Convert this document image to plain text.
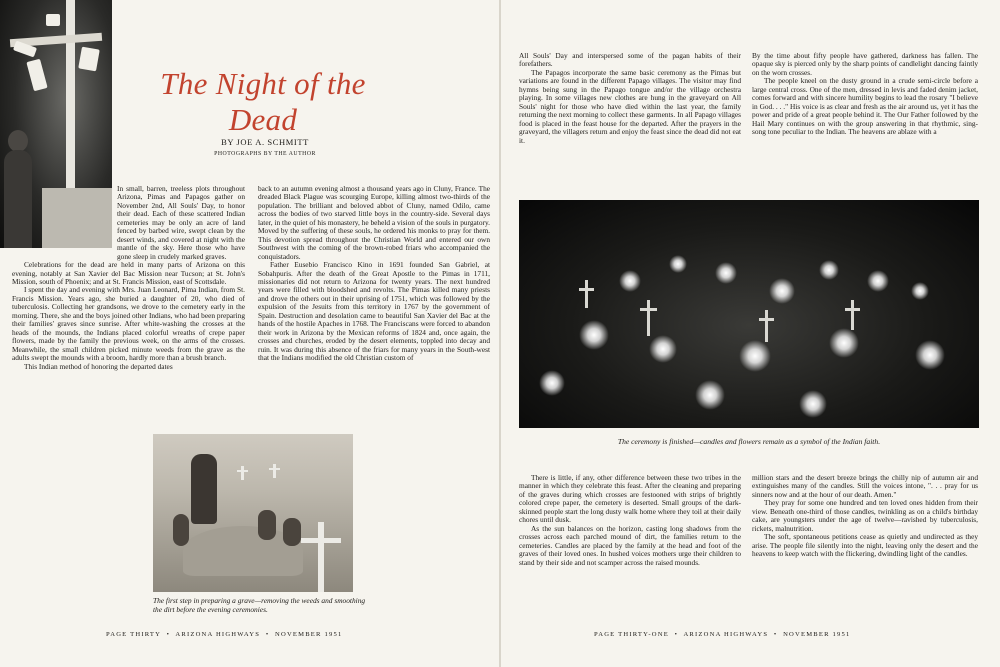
The Night of the Dead
BY JOE A. SCHMITT
PHOTOGRAPHS BY THE AUTHOR

In small, barren, treeless plots throughout Arizona, Pimas and Papagos gather on November 2nd, All Souls' Day, to honor their dead. Each of these scattered Indian cemeteries may be only an acre of land fenced by barbed wire, swept clean by the desert winds, and covered at night with the mantle of the sky. Here those who have gone sleep in crudely marked graves.

Celebrations for the dead are held in many parts of Arizona on this evening, notably at San Xavier del Bac Mission near Tucson; at St. John's Mission, south of Phoenix; and at St. Francis Mission, east of Scottsdale.

I spent the day and evening with Mrs. Juan Leonard, Pima Indian, from St. Francis Mission. Years ago, she buried a daughter of 20, who died of tuberculosis. Collecting her grandsons, we drove to the cemetery early in the morning. There, she and the boys joined other Indians, who had been preparing their families' graves since sunrise. After white-washing the crosses at the heads of the mounds, the Indians placed colorful wreaths of crepe paper flowers, made by the family the previous week, on the arms of the crosses. Meanwhile, the small children picked minute weeds from the grave as the adults swept the mounds with a broom, hardly more than a brush branch.

This Indian method of honoring the departed dates

back to an autumn evening almost a thousand years ago in Cluny, France. The dreaded Black Plague was scourging Europe, killing almost two-thirds of the population. The brilliant and beloved abbot of Cluny, named Odilo, came across the bodies of two starved little boys in the country-side. Several days later, in the quiet of his monastery, he beheld a vision of the souls in purgatory. Moved by the suffering of these souls, he ordered his monks to pray for them. This devotion spread throughout the Christian World and entered our own Southwest with the coming of the brown-robed friars who accompanied the conquistadors.

Father Eusebio Francisco Kino in 1691 founded San Gabriel, at Sobahpuris. After the death of the Great Apostle to the Pimas in 1711, missionaries did not return to Arizona for twenty years. The next hundred years were filled with bloodshed and revolts. The Pimas killed many priests and drove the others out in their uprising of 1751, which was followed by the expulsion of the Jesuits from this territory in 1767 by the government of Spain. Destruction and desolation came to beautiful San Xavier del Bac at the hands of the hostile Apaches in 1768. The Franciscans were forced to abandon their work in Arizona by the Mexican reforms of 1824 and, once again, the crosses and churches, eroded by the desert elements, toppled into decay and ruin. It was during this absence of the friars for many years in the South-west that the Indians modified the old Christian custom of

The first step in preparing a grave—removing the weeds and smoothing the dirt before the evening ceremonies.
PAGE THIRTY  •  ARIZONA HIGHWAYS  •  NOVEMBER 1951

All Souls' Day and interspersed some of the pagan habits of their forefathers.

The Papagos incorporate the same basic ceremony as the Pimas but variations are found in the different Papago villages. The visitor may find hymns being sung in the Papago tongue and/or the village orchestra playing. In some villages new clothes are hung in the graveyard on All Souls' night for those who have died within the last year, the family returning the next morning to collect these garments. In all Papago villages food is placed in the feast house for the departed. After the prayers in the graveyard, the villagers return and enjoy the feast since the dead did not eat it.

By the time about fifty people have gathered, darkness has fallen. The opaque sky is pierced only by the sharp points of candlelight dancing faintly on the worn crosses.

The people kneel on the dusty ground in a crude semi-circle before a large central cross. One of the men, dressed in levis and faded denim jacket, comes forward and with sincere humility begins to lead the rosary "I believe in God. . . ." His voice is as clear and fresh as the air around us, yet it has the power and pride of a great people behind it. The Our Father followed by the Hail Mary continues on with the group answering in that rhythmic, sing-song tone peculiar to the Indian. The heavens are ablaze with a

The ceremony is finished—candles and flowers remain as a symbol of the Indian faith.

There is little, if any, other difference between these two tribes in the manner in which they celebrate this feast. After the cleaning and preparing of the graves during which crosses are festooned with strips of brightly colored crepe paper, the cemetery is deserted. Small groups of the dark-skinned people start the long dusty walk home where they toil at their daily chores until dusk.

As the sun balances on the horizon, casting long shadows from the crosses across each parched mound of dirt, the families return to the cemeteries. Candles are placed by the family at the head and foot of the graves of their loved ones. In hushed voices mothers urge their children to stand by their side and not scamper across the raised mounds.

million stars and the desert breeze brings the chilly nip of autumn air and extinguishes many of the candles. Still the voices intone, ". . . pray for us sinners now and at the hour of our death. Amen."

They pray for some one hundred and ten loved ones hidden from their view. Beneath one-third of those candles, twinkling as on a child's birthday cake, are youngsters under the age of twelve—ravished by tuberculosis, rickets, malnutrition.

The soft, spontaneous petitions cease as quietly and undirected as they arise. The people file silently into the night, leaving only the desert and the heavens to keep watch with the flickering, dwindling light of the candles.

PAGE THIRTY-ONE  •  ARIZONA HIGHWAYS  •  NOVEMBER 1951
